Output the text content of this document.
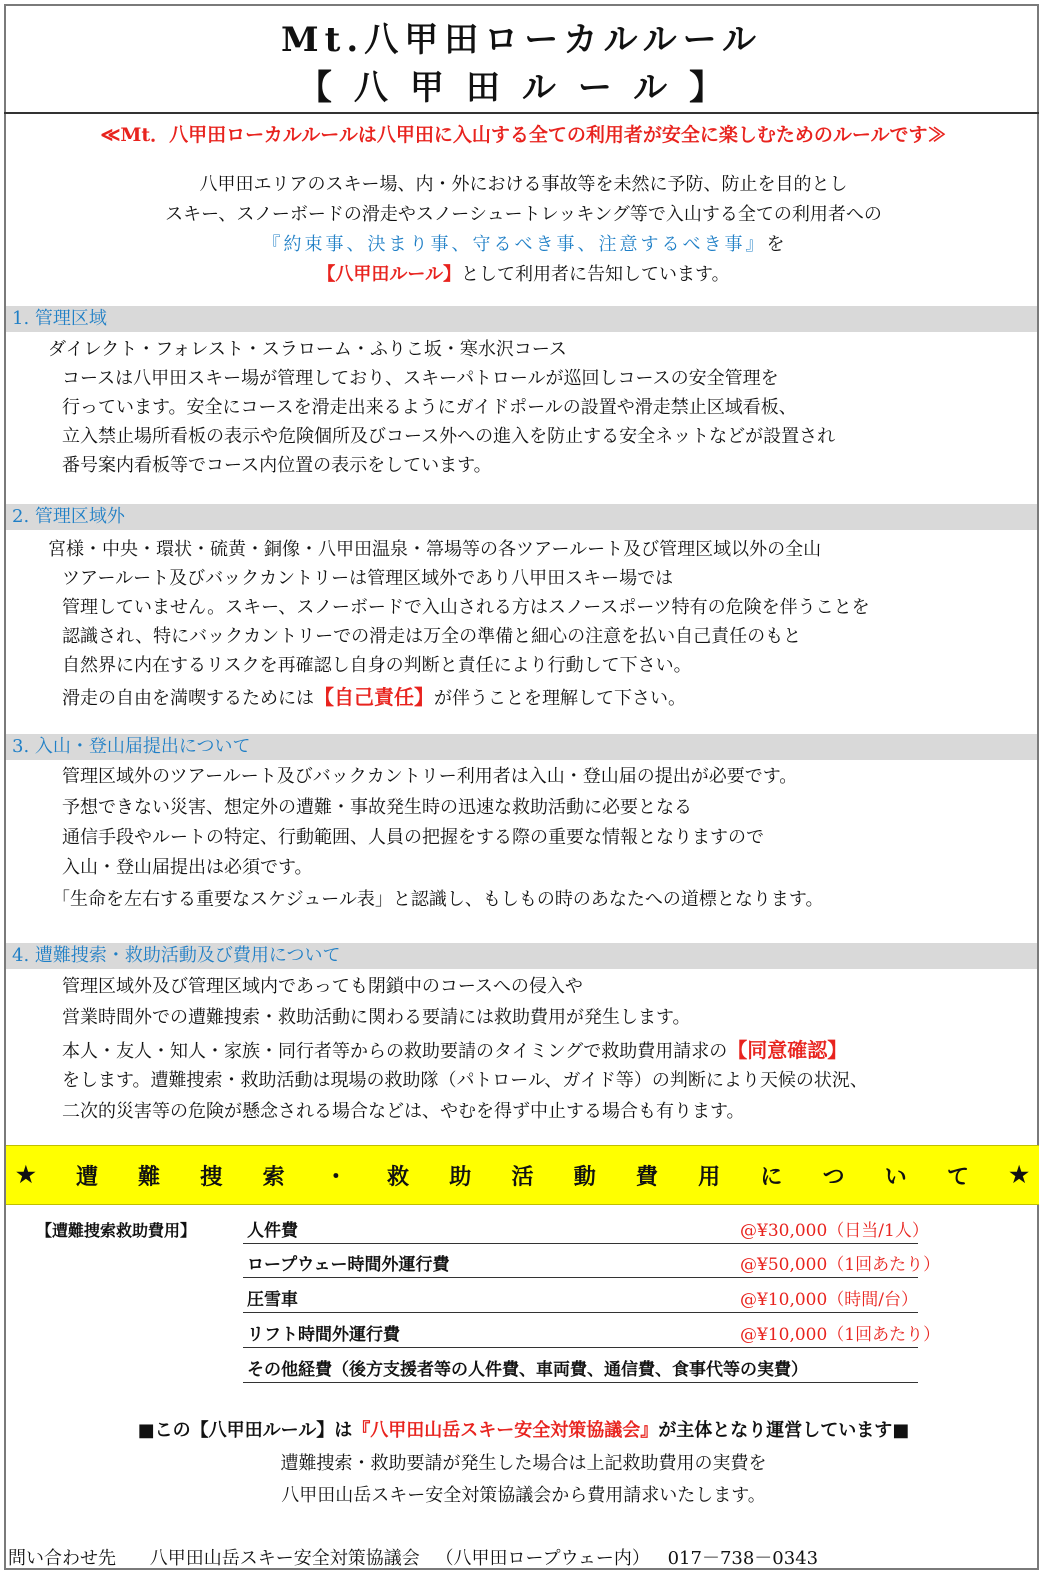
Mt.八甲田ローカルルール
【八甲田ルール】
≪Mt．八甲田ローカルルールは八甲田に入山する全ての利用者が安全に楽しむためのルールです≫
八甲田エリアのスキー場、内・外における事故等を未然に予防、防止を目的とし
スキー、スノーボードの滑走やスノーシュートレッキング等で入山する全ての利用者への
『約束事、決まり事、守るべき事、注意するべき事』を
【八甲田ルール】として利用者に告知しています。
1. 管理区域
ダイレクト・フォレスト・スラローム・ふりこ坂・寒水沢コース
コースは八甲田スキー場が管理しており、スキーパトロールが巡回しコースの安全管理を
行っています。安全にコースを滑走出来るようにガイドポールの設置や滑走禁止区域看板、
立入禁止場所看板の表示や危険個所及びコース外への進入を防止する安全ネットなどが設置され
番号案内看板等でコース内位置の表示をしています。
2. 管理区域外
宮様・中央・環状・硫黄・銅像・八甲田温泉・箒場等の各ツアールート及び管理区域以外の全山
ツアールート及びバックカントリーは管理区域外であり八甲田スキー場では
管理していません。スキー、スノーボードで入山される方はスノースポーツ特有の危険を伴うことを
認識され、特にバックカントリーでの滑走は万全の準備と細心の注意を払い自己責任のもと
自然界に内在するリスクを再確認し自身の判断と責任により行動して下さい。
滑走の自由を満喫するためには【自己責任】が伴うことを理解して下さい。
3. 入山・登山届提出について
管理区域外のツアールート及びバックカントリー利用者は入山・登山届の提出が必要です。
予想できない災害、想定外の遭難・事故発生時の迅速な救助活動に必要となる
通信手段やルートの特定、行動範囲、人員の把握をする際の重要な情報となりますので
入山・登山届提出は必須です。
「生命を左右する重要なスケジュール表」と認識し、もしもの時のあなたへの道標となります。
4. 遭難捜索・救助活動及び費用について
管理区域外及び管理区域内であっても閉鎖中のコースへの侵入や
営業時間外での遭難捜索・救助活動に関わる要請には救助費用が発生します。
本人・友人・知人・家族・同行者等からの救助要請のタイミングで救助費用請求の【同意確認】
をします。遭難捜索・救助活動は現場の救助隊（パトロール、ガイド等）の判断により天候の状況、
二次的災害等の危険が懸念される場合などは、やむを得ず中止する場合も有ります。
★ 遭 難 捜 索 ・ 救 助 活 動 費 用 に つ い て ★
【遭難捜索救助費用】	人件費	@¥30,000（日当/1人）
ロープウェー時間外運行費	@¥50,000（1回あたり）
圧雪車	@¥10,000（時間/台）
リフト時間外運行費	@¥10,000（1回あたり）
その他経費（後方支援者等の人件費、車両費、通信費、食事代等の実費）
■この【八甲田ルール】は『八甲田山岳スキー安全対策協議会』が主体となり運営しています■
遭難捜索・救助要請が発生した場合は上記救助費用の実費を
八甲田山岳スキー安全対策協議会から費用請求いたします。
問い合わせ先 八甲田山岳スキー安全対策協議会 （八甲田ロープウェー内） 017－738－0343
